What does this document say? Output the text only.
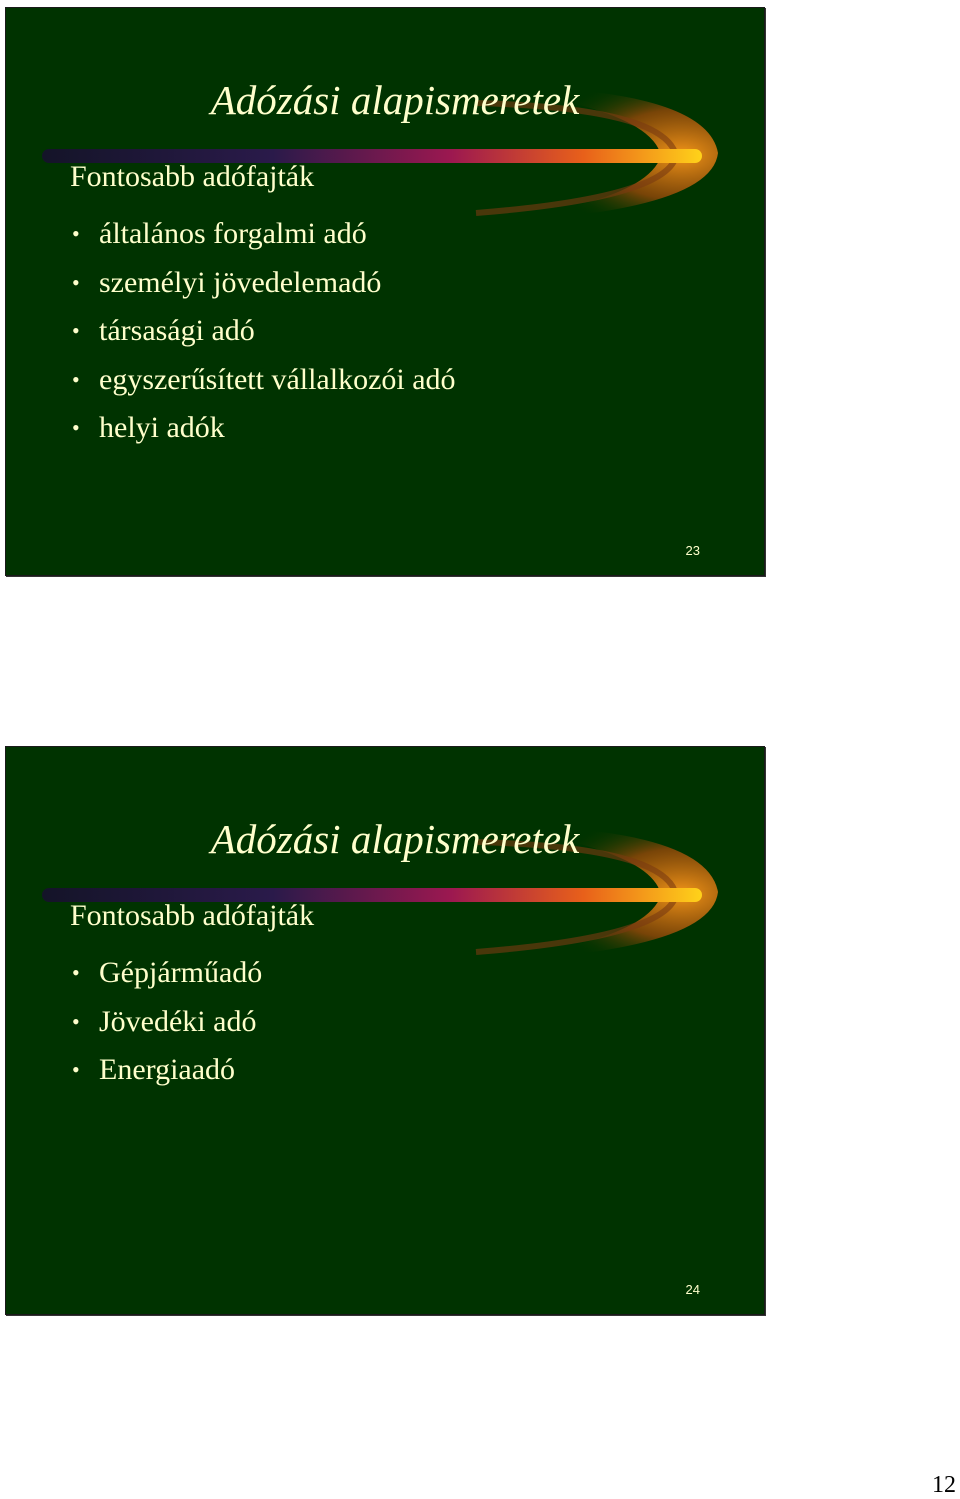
Adózási alapismeretek
Fontosabb adófajták
• általános forgalmi adó
• személyi jövedelemadó
• társasági adó
• egyszerűsített vállalkozói adó
• helyi adók
23
Adózási alapismeretek
Fontosabb adófajták
• Gépjárműadó
• Jövedéki adó
• Energiaadó
24
12
